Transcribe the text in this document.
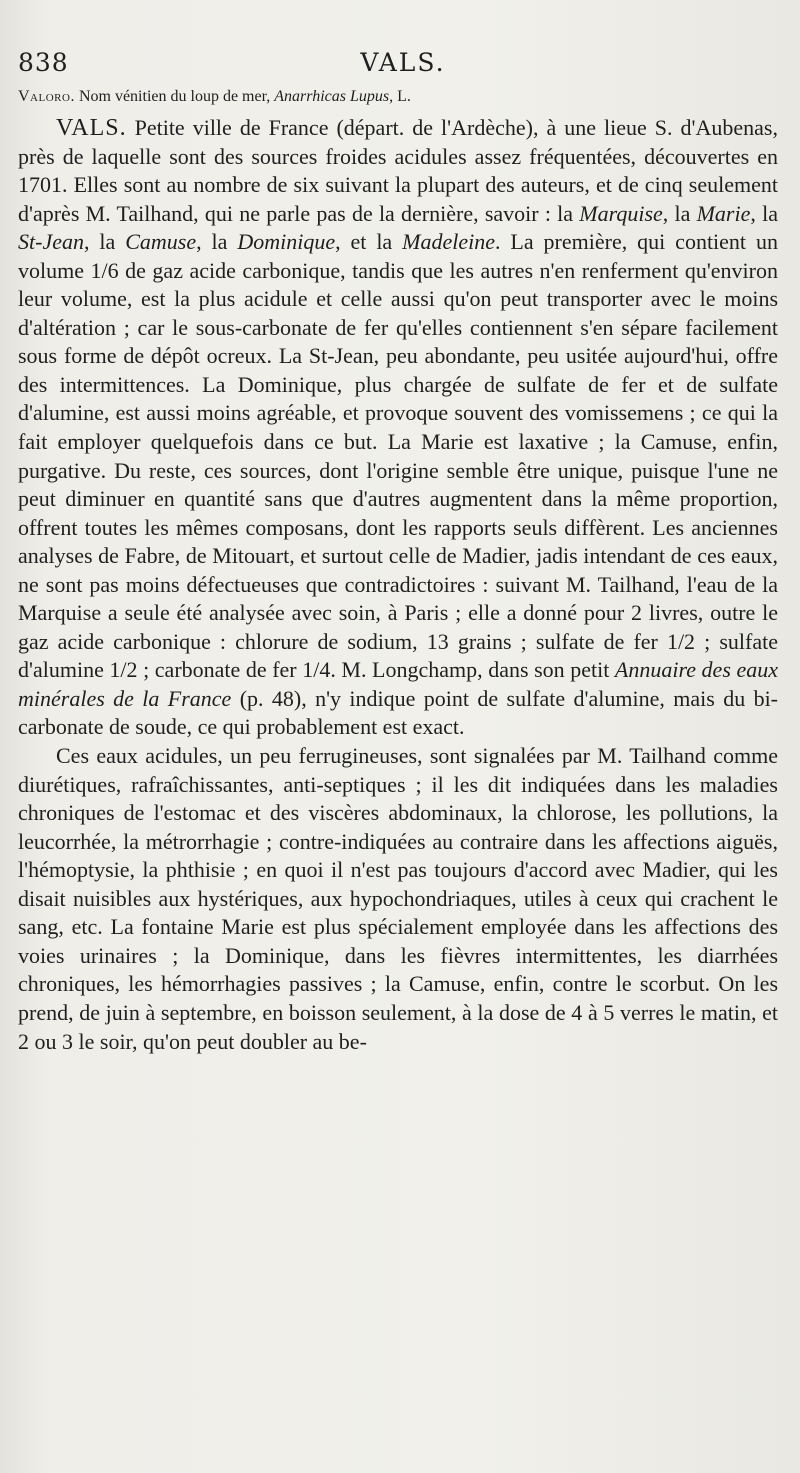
838	VALS.

Valoro. Nom vénitien du loup de mer, Anarrhicas Lupus, L.

VALS. Petite ville de France (départ. de l'Ardèche), à une lieue S. d'Aubenas, près de laquelle sont des sources froides acidules assez fréquentées, découvertes en 1701. Elles sont au nombre de six suivant la plupart des auteurs, et de cinq seulement d'après M. Tailhand, qui ne parle pas de la dernière, savoir : la Marquise, la Marie, la St-Jean, la Camuse, la Dominique, et la Madeleine. La première, qui contient un volume 1/6 de gaz acide carbonique, tandis que les autres n'en renferment qu'environ leur volume, est la plus acidule et celle aussi qu'on peut transporter avec le moins d'altération ; car le sous-carbonate de fer qu'elles contiennent s'en sépare facilement sous forme de dépôt ocreux. La St-Jean, peu abondante, peu usitée aujourd'hui, offre des intermittences. La Dominique, plus chargée de sulfate de fer et de sulfate d'alumine, est aussi moins agréable, et provoque souvent des vomissemens ; ce qui la fait employer quelquefois dans ce but. La Marie est laxative ; la Camuse, enfin, purgative. Du reste, ces sources, dont l'origine semble être unique, puisque l'une ne peut diminuer en quantité sans que d'autres augmentent dans la même proportion, offrent toutes les mêmes composans, dont les rapports seuls diffèrent. Les anciennes analyses de Fabre, de Mitouart, et surtout celle de Madier, jadis intendant de ces eaux, ne sont pas moins défectueuses que contradictoires : suivant M. Tailhand, l'eau de la Marquise a seule été analysée avec soin, à Paris ; elle a donné pour 2 livres, outre le gaz acide carbonique : chlorure de sodium, 13 grains ; sulfate de fer 1/2 ; sulfate d'alumine 1/2 ; carbonate de fer 1/4. M. Longchamp, dans son petit Annuaire des eaux minérales de la France (p. 48), n'y indique point de sulfate d'alumine, mais du bi-carbonate de soude, ce qui probablement est exact.

Ces eaux acidules, un peu ferrugineuses, sont signalées par M. Tailhand comme diurétiques, rafraîchissantes, anti-septiques ; il les dit indiquées dans les maladies chroniques de l'estomac et des viscères abdominaux, la chlorose, les pollutions, la leucorrhée, la métrorrhagie ; contre-indiquées au contraire dans les affections aiguës, l'hémoptysie, la phthisie ; en quoi il n'est pas toujours d'accord avec Madier, qui les disait nuisibles aux hystériques, aux hypochondriaques, utiles à ceux qui crachent le sang, etc. La fontaine Marie est plus spécialement employée dans les affections des voies urinaires ; la Dominique, dans les fièvres intermittentes, les diarrhées chroniques, les hémorrhagies passives ; la Camuse, enfin, contre le scorbut. On les prend, de juin à septembre, en boisson seulement, à la dose de 4 à 5 verres le matin, et 2 ou 3 le soir, qu'on peut doubler au be-
